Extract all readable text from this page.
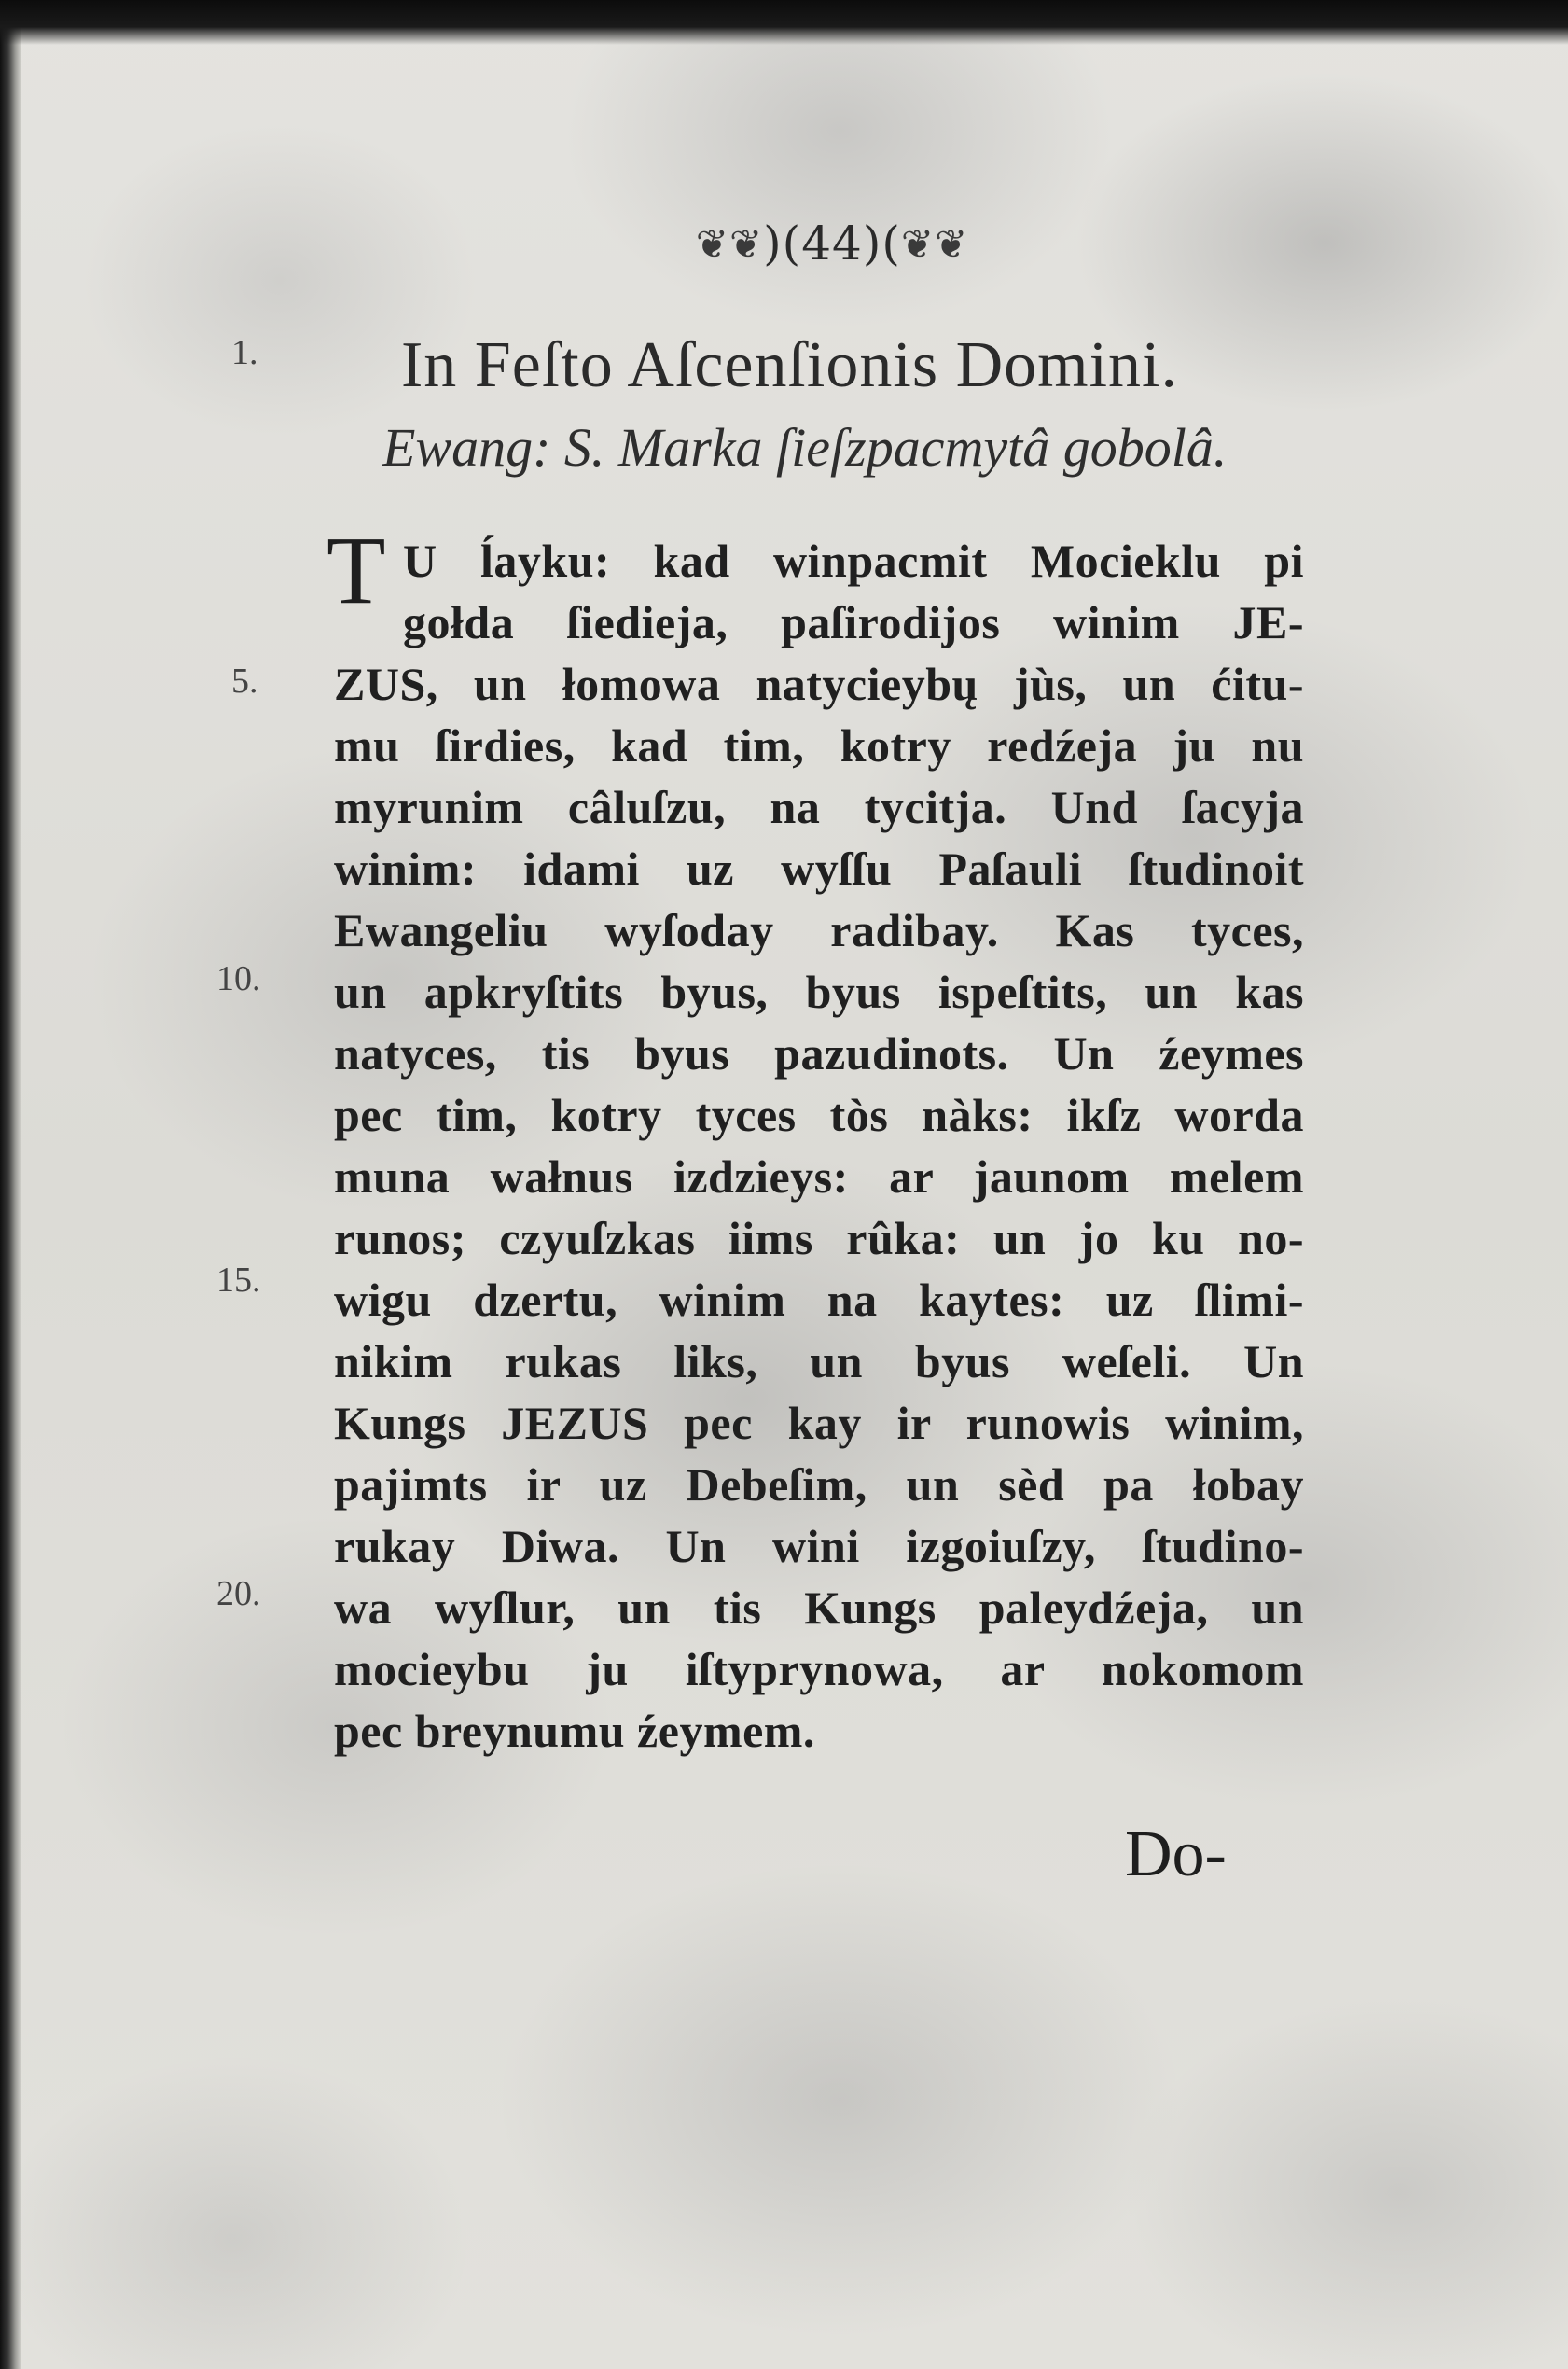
❦❦ )( 44 )( ❦❦
1.
5.
10.
15.
20.
In Feſto Aſcenſionis Domini.
Ewang: S. Marka ſieſzpacmytâ gobolâ.
T U ĺayku: kad winpacmit Mocieklu pi
gołda ſiedieja, paſirodijos winim JE-
ZUS, un łomowa natycieybų jùs, un ćitu-
mu ſirdies, kad tim, kotry redźeja ju nu
myrunim câluſzu, na tycitja. Und ſacyja
winim: idami uz wyſſu Paſauli ſtudinoit
Ewangeliu wyſoday radibay. Kas tyces,
un apkryſtits byus, byus ispeſtits, un kas
natyces, tis byus pazudinots. Un źeymes
pec tim, kotry tyces tòs nàks: ikſz worda
muna wałnus izdzieys: ar jaunom melem
runos; czyuſzkas iims rûka: un jo ku no-
wigu dzertu, winim na kaytes: uz ſlimi-
nikim rukas liks, un byus weſeli. Un
Kungs JEZUS pec kay ir runowis winim,
pajimts ir uz Debeſim, un sèd pa łobay
rukay Diwa. Un wini izgoiuſzy, ſtudino-
wa wyſlur, un tis Kungs paleydźeja, un
mocieybu ju iſtyprynowa, ar nokomom
pec breynumu źeymem.
Do-
